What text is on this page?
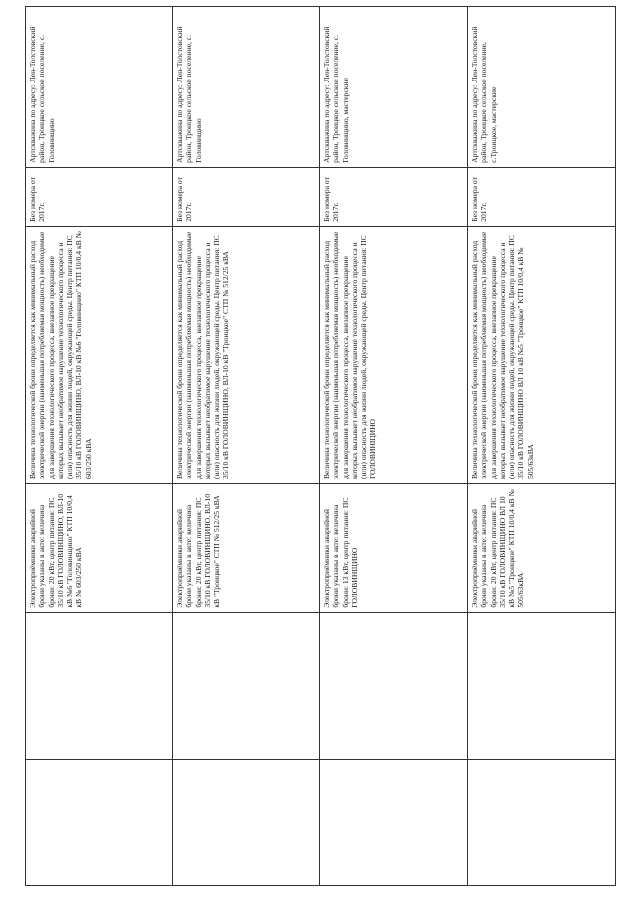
		Электроприёмники аварийной брони указаны в акте: величина брони: 20 кВт, центр питания: ПС 35/10 кВ ГОЛОВИНЩИНО, ВЛ-10 кВ №6 "Головинщино" КТП 10/0,4 кВ № 603/250 кВА	Величина технологической брони определяется как минимальный расход электрической энергии (наименьшая потребляемая мощность) необходимые для завершения технологического процесса, внезапное прекращение которых вызывает необратимое нарушение технологического процесса и (или) опасность для жизни людей, окружающей среды. Центр питания: ПС 35/10 кВ ГОЛОВИНЩИНО, ВЛ-10 кВ №6 "Головинщино" КТП 10/0,4 кВ № 603/250 кВА	Без номера от 2017г.	Артскважина по адресу: Лен-Толстовский район, Троицкое сельское поселение, с. Головинщино
		Электроприёмники аварийной брони указаны в акте: величина брони: 20 кВт, центр питания: ПС 35/10 кВ ГОЛОВИНЩИНО, ВЛ-10 кВ "Троицкое" СТП № 512/25 кВА	Величина технологической брони определяется как минимальный расход электрической энергии (наименьшая потребляемая мощность) необходимые для завершения технологического процесса, внезапное прекращение которых вызывает необратимое нарушение технологического процесса и (или) опасность для жизни людей, окружающей среды. Центр питания: ПС 35/10 кВ ГОЛОВИНЩИНО, ВЛ-10 кВ "Троицкое" СТП № 512/25 кВА	Без номера от 2017г.	Артскважина по адресу: Лен-Толстовский район, Троицкое сельское поселение, с. Головинщино
		Электроприёмники аварийной брони указаны в акте: величина брони: 13 кВт, центр питания: ПС ГОЛОВИНЩИНО	Величина технологической брони определяется как минимальный расход электрической энергии (наименьшая потребляемая мощность) необходимые для завершения технологического процесса, внезапное прекращение которых вызывает необратимое нарушение технологического процесса и (или) опасность для жизни людей, окружающей среды. Центр питания: ПС ГОЛОВИНЩИНО	Без номера от 2017г.	Артскважина по адресу: Лен-Толстовский район, Троицкое сельское поселение, с. Головинщино, мастерские
		Электроприёмники аварийной брони указаны в акте: величина брони: 20 кВт, центр питания: ПС 35/10 кВ ГОЛОВИНЩИНО ВЛ 10 кВ №5 "Троицкое" КТП 10/0,4 кВ № 505/63кВА	Величина технологической брони определяется как минимальный расход электрической энергии (наименьшая потребляемая мощность) необходимые для завершения технологического процесса, внезапное прекращение которых вызывает необратимое нарушение технологического процесса и (или) опасность для жизни людей, окружающей среды. Центр питания: ПС 35/10 кВ ГОЛОВИНЩИНО ВЛ 10 кВ №5 "Троицкое" КТП 10/0,4 кВ № 505/63кВА	Без номера от 2017г.	Артскважина по адресу: Лен-Толстовский район, Троицкое сельское поселение, с.Троицкое, мастерские
